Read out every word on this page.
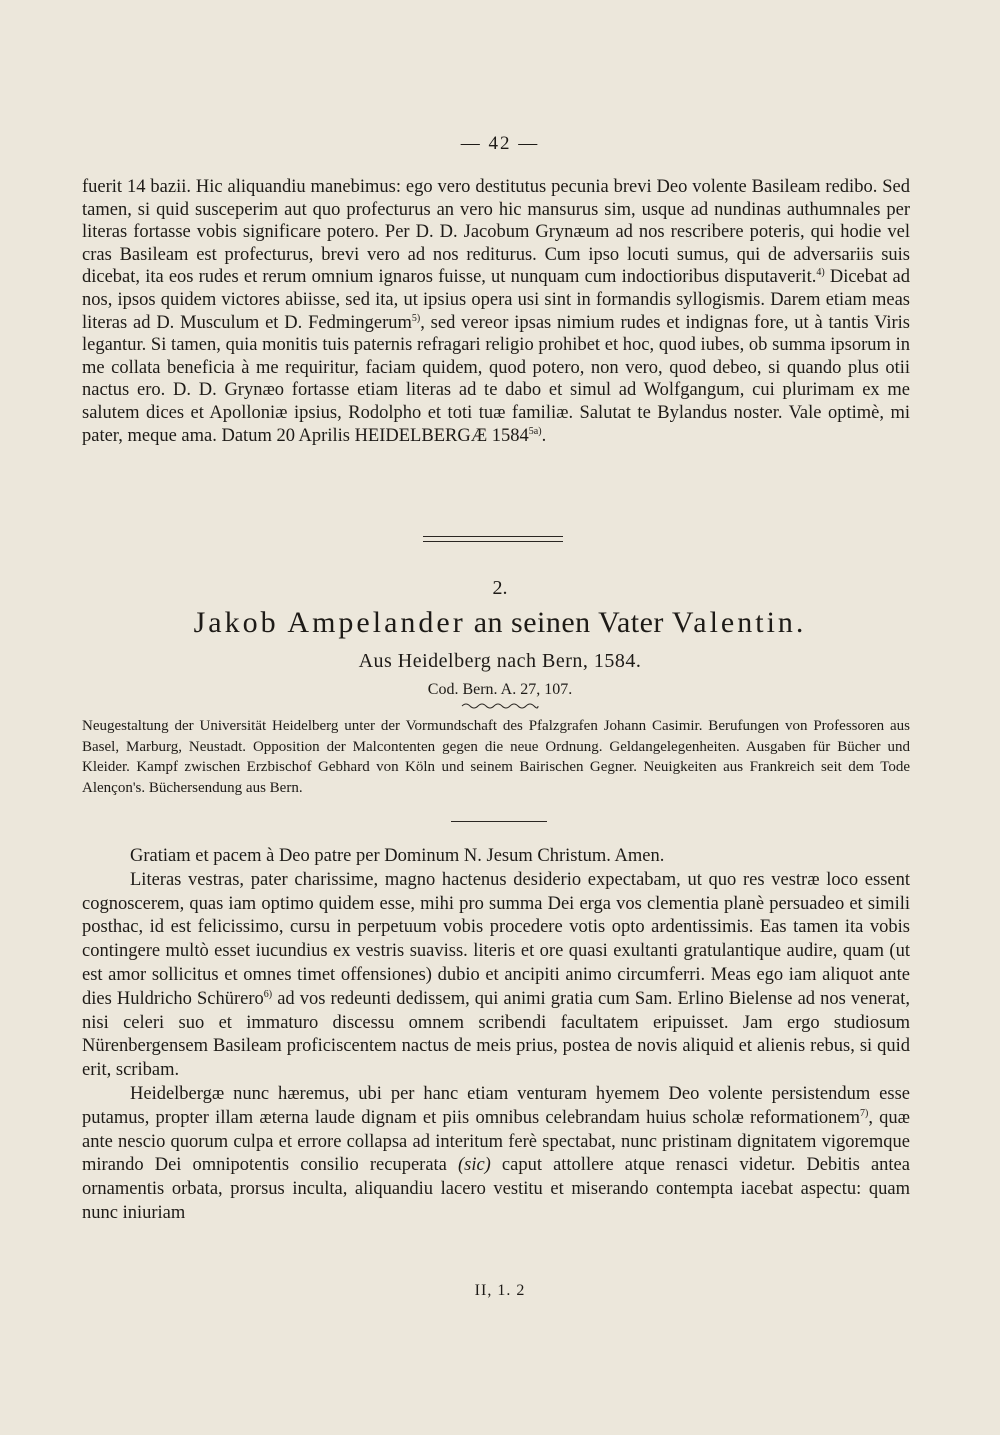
— 42 —

fuerit 14 bazii. Hic aliquandiu manebimus: ego vero destitutus pecunia brevi Deo volente Basileam redibo. Sed tamen, si quid susceperim aut quo profecturus an vero hic mansurus sim, usque ad nundinas authumnales per literas fortasse vobis significare potero. Per D. D. Jacobum Grynæum ad nos rescribere poteris, qui hodie vel cras Basileam est profecturus, brevi vero ad nos rediturus. Cum ipso locuti sumus, qui de adversariis suis dicebat, ita eos rudes et rerum omnium ignaros fuisse, ut nunquam cum indoctioribus disputaverit.$^{4)}$ Dicebat ad nos, ipsos quidem victores abiisse, sed ita, ut ipsius opera usi sint in formandis syllogismis. Darem etiam meas literas ad D. Musculum et D. Fedmingerum$^{5)}$, sed vereor ipsas nimium rudes et indignas fore, ut à tantis Viris legantur. Si tamen, quia monitis tuis paternis refragari religio prohibet et hoc, quod iubes, ob summa ipsorum in me collata beneficia à me requiritur, faciam quidem, quod potero, non vero, quod debeo, si quando plus otii nactus ero. D. D. Grynæo fortasse etiam literas ad te dabo et simul ad Wolfgangum, cui plurimam ex me salutem dices et Apolloniæ ipsius, Rodolpho et toti tuæ familiæ. Salutat te Bylandus noster. Vale optimè, mi pater, meque ama. Datum 20 Aprilis HEIDELBERGÆ $1584^{5a)}$.

2.
Jakob Ampelander an seinen Vater Valentin.
Aus Heidelberg nach Bern, 1584.
Cod. Bern. A. 27, 107.

Neugestaltung der Universität Heidelberg unter der Vormundschaft des Pfalzgrafen Johann Casimir. Berufungen von Professoren aus Basel, Marburg, Neustadt. Opposition der Malcontenten gegen die neue Ordnung. Geldangelegenheiten. Ausgaben für Bücher und Kleider. Kampf zwischen Erzbischof Gebhard von Köln und seinem Bairischen Gegner. Neuigkeiten aus Frankreich seit dem Tode Alençon's. Büchersendung aus Bern.

Gratiam et pacem à Deo patre per Dominum N. Jesum Christum. Amen.

Literas vestras, pater charissime, magno hactenus desiderio expectabam, ut quo res vestræ loco essent cognoscerem, quas iam optimo quidem esse, mihi pro summa Dei erga vos clementia planè persuadeo et simili posthac, id est felicissimo, cursu in perpetuum vobis procedere votis opto ardentissimis. Eas tamen ita vobis contingere multò esset iucundius ex vestris suaviss. literis et ore quasi exultanti gratulantique audire, quam (ut est amor sollicitus et omnes timet offensiones) dubio et ancipiti animo circumferri. Meas ego iam aliquot ante dies Huldricho Schürero$^{6)}$ ad vos redeunti dedissem, qui animi gratia cum Sam. Erlino Bielense ad nos venerat, nisi celeri suo et immaturo discessu omnem scribendi facultatem eripuisset. Jam ergo studiosum Nürenbergensem Basileam proficiscentem nactus de meis prius, postea de novis aliquid et alienis rebus, si quid erit, scribam.

Heidelbergæ nunc hæremus, ubi per hanc etiam venturam hyemem Deo volente persistendum esse putamus, propter illam æterna laude dignam et piis omnibus celebrandam huius scholæ reformationem$^{7)}$, quæ ante nescio quorum culpa et errore collapsa ad interitum ferè spectabat, nunc pristinam dignitatem vigoremque mirando Dei omnipotentis consilio recuperata (sic) caput attollere atque renasci videtur. Debitis antea ornamentis orbata, prorsus inculta, aliquandiu lacero vestitu et miserando contempta iacebat aspectu: quam nunc iniuriam

II, 1. 2
